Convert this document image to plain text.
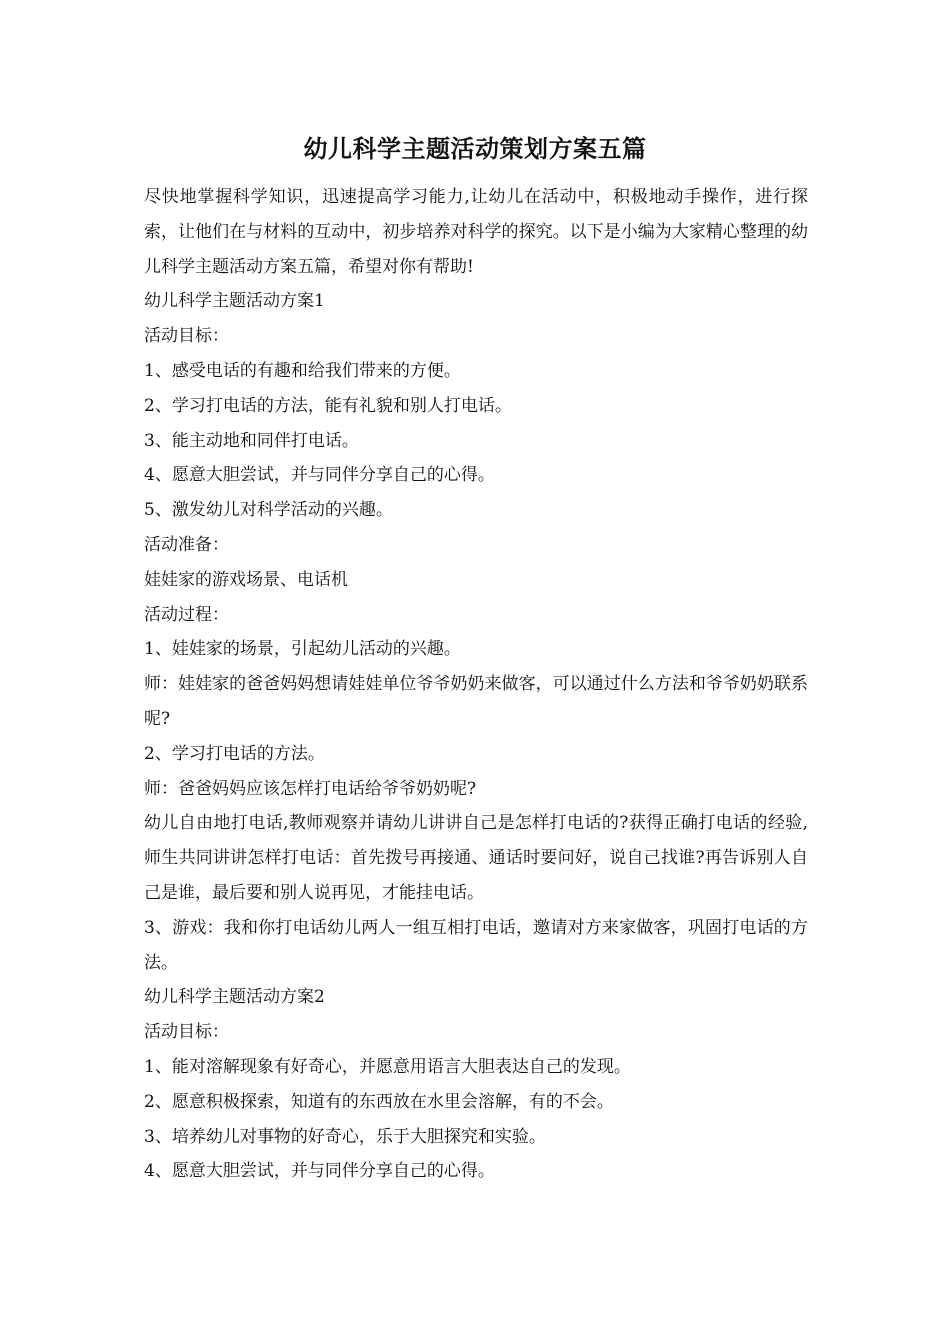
幼儿科学主题活动策划方案五篇

尽快地掌握科学知识，迅速提高学习能力,让幼儿在活动中，积极地动手操作，进行探索，让他们在与材料的互动中，初步培养对科学的探究。以下是小编为大家精心整理的幼儿科学主题活动方案五篇，希望对你有帮助!

幼儿科学主题活动方案1

活动目标：

1、感受电话的有趣和给我们带来的方便。

2、学习打电话的方法，能有礼貌和别人打电话。

3、能主动地和同伴打电话。

4、愿意大胆尝试，并与同伴分享自己的心得。

5、激发幼儿对科学活动的兴趣。

活动准备：

娃娃家的游戏场景、电话机

活动过程：

1、娃娃家的场景，引起幼儿活动的兴趣。

师：娃娃家的爸爸妈妈想请娃娃单位爷爷奶奶来做客，可以通过什么方法和爷爷奶奶联系呢?

2、学习打电话的方法。

师：爸爸妈妈应该怎样打电话给爷爷奶奶呢?

幼儿自由地打电话,教师观察并请幼儿讲讲自己是怎样打电话的?获得正确打电话的经验,师生共同讲讲怎样打电话：首先拨号再接通、通话时要问好，说自己找谁?再告诉别人自己是谁，最后要和别人说再见，才能挂电话。

3、游戏：我和你打电话幼儿两人一组互相打电话，邀请对方来家做客，巩固打电话的方法。

幼儿科学主题活动方案2

活动目标：

1、能对溶解现象有好奇心，并愿意用语言大胆表达自己的发现。

2、愿意积极探索，知道有的东西放在水里会溶解，有的不会。

3、培养幼儿对事物的好奇心，乐于大胆探究和实验。

4、愿意大胆尝试，并与同伴分享自己的心得。
